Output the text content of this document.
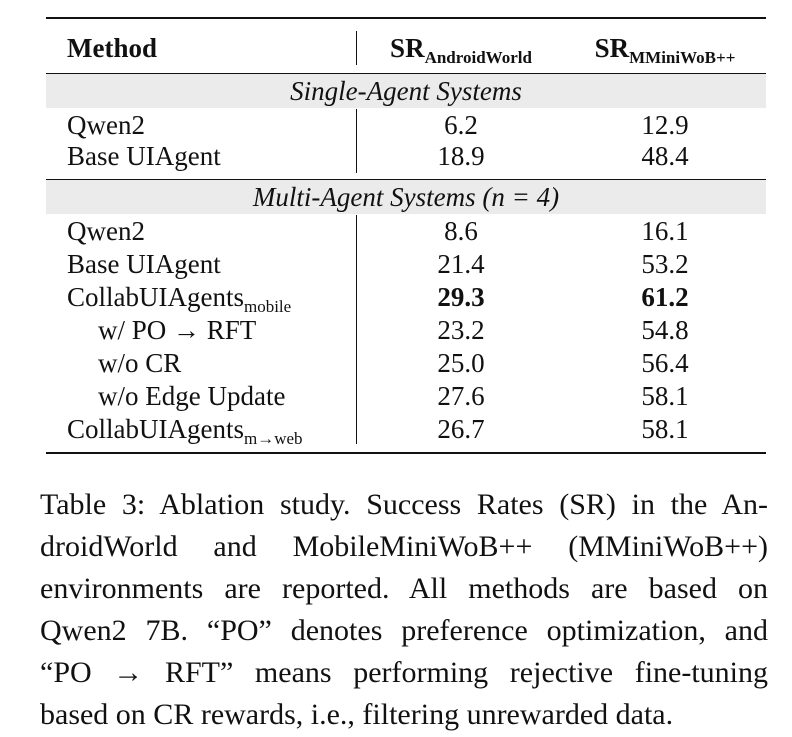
Method	$SR_{AndroidWorld}$	$SR_{MMiniWoB++}$
Single-Agent Systems
Qwen2	6.2	12.9
Base UIAgent	18.9	48.4
Multi-Agent Systems (n = 4)
Qwen2	8.6	16.1
Base UIAgent	21.4	53.2
CollabUIAgents$_{mobile}$	29.3	61.2
w/ PO → RFT	23.2	54.8
w/o CR	25.0	56.4
w/o Edge Update	27.6	58.1
CollabUIAgents$_{m\to web}$	26.7	58.1
Table 3: Ablation study. Success Rates (SR) in the An-
droidWorld and MobileMiniWoB++ (MMiniWoB++)
environments are reported. All methods are based on
Qwen2 7B. “PO” denotes preference optimization, and
“PO → RFT” means performing rejective fine-tuning
based on CR rewards, i.e., filtering unrewarded data.
